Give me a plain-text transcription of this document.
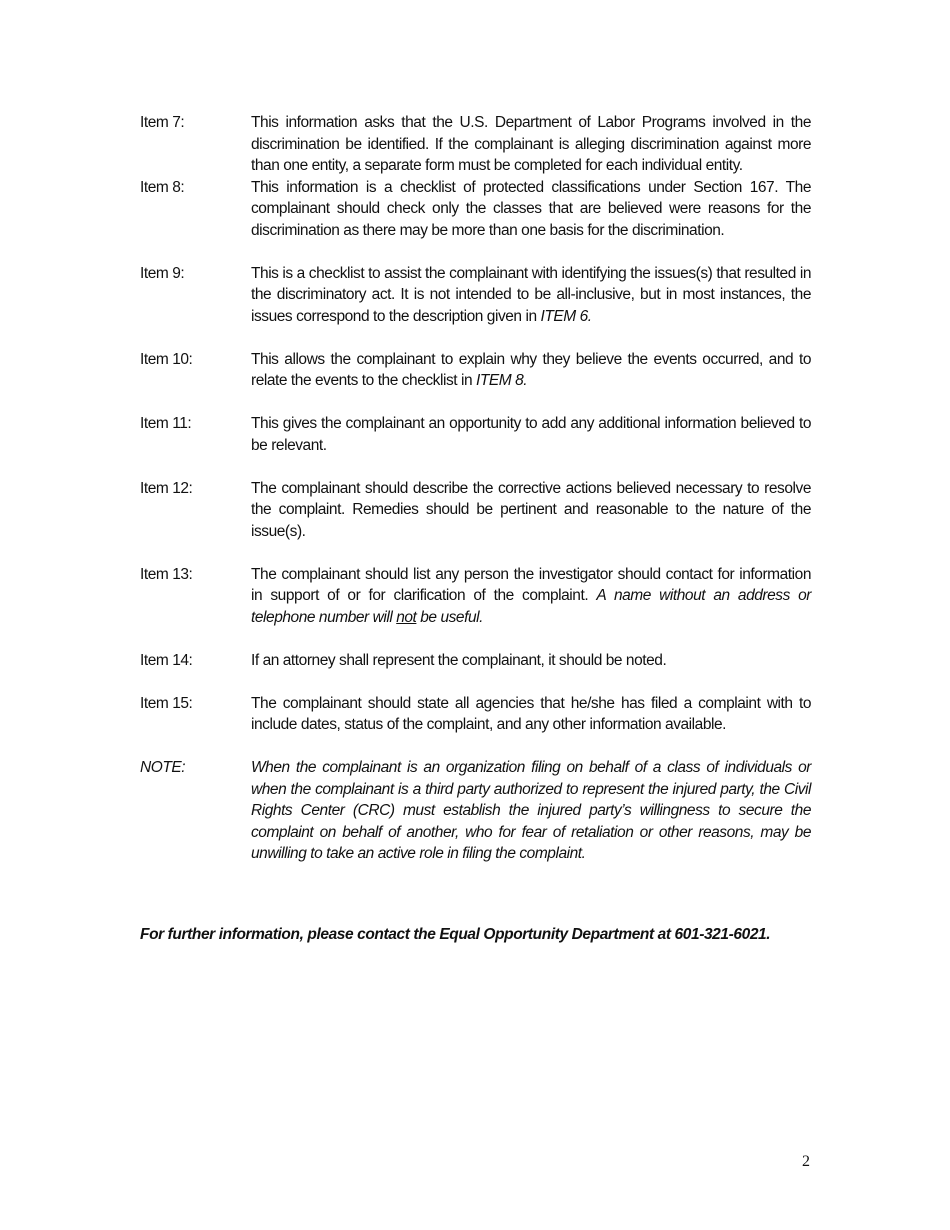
Item 7:	This information asks that the U.S. Department of Labor Programs involved in the discrimination be identified. If the complainant is alleging discrimination against more than one entity, a separate form must be completed for each individual entity.
Item 8:	This information is a checklist of protected classifications under Section 167. The complainant should check only the classes that are believed were reasons for the discrimination as there may be more than one basis for the discrimination.
Item 9:	This is a checklist to assist the complainant with identifying the issues(s) that resulted in the discriminatory act. It is not intended to be all-inclusive, but in most instances, the issues correspond to the description given in ITEM 6.
Item 10:	This allows the complainant to explain why they believe the events occurred, and to relate the events to the checklist in ITEM 8.
Item 11:	This gives the complainant an opportunity to add any additional information believed to be relevant.
Item 12:	The complainant should describe the corrective actions believed necessary to resolve the complaint. Remedies should be pertinent and reasonable to the nature of the issue(s).
Item 13:	The complainant should list any person the investigator should contact for information in support of or for clarification of the complaint. A name without an address or telephone number will not be useful.
Item 14:	If an attorney shall represent the complainant, it should be noted.
Item 15:	The complainant should state all agencies that he/she has filed a complaint with to include dates, status of the complaint, and any other information available.
NOTE:	When the complainant is an organization filing on behalf of a class of individuals or when the complainant is a third party authorized to represent the injured party, the Civil Rights Center (CRC) must establish the injured party’s willingness to secure the complaint on behalf of another, who for fear of retaliation or other reasons, may be unwilling to take an active role in filing the complaint.
For further information, please contact the Equal Opportunity Department at 601-321-6021.
2
